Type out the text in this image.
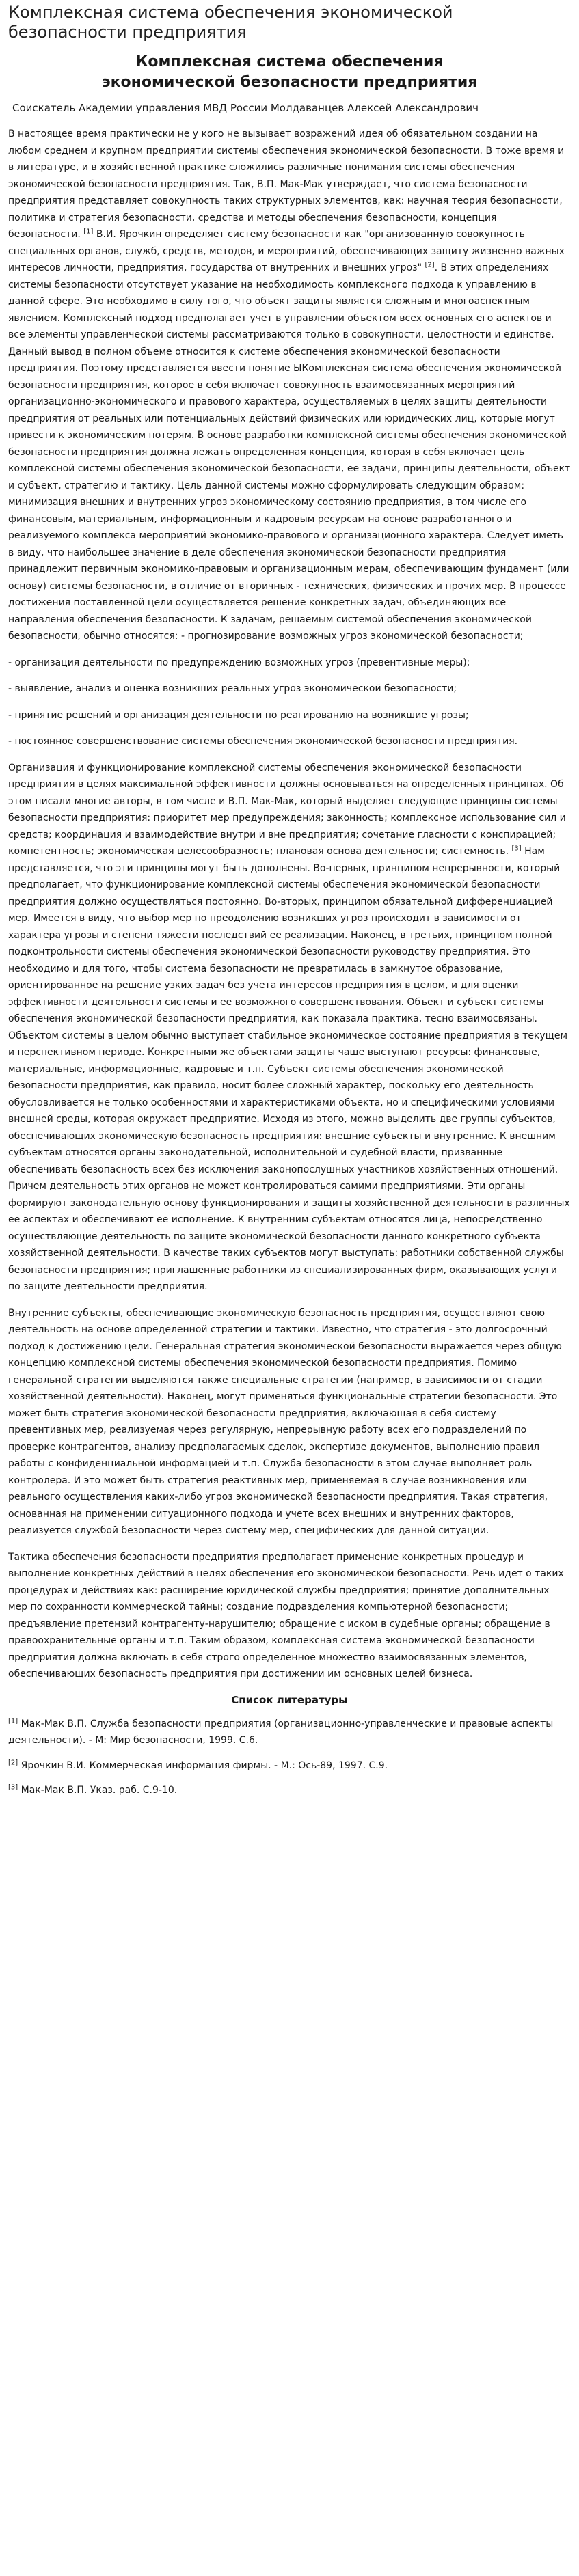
Комплексная система обеспечения экономической безопасности предприятия
Комплексная система обеспечения
экономической безопасности предприятия

Соискатель Академии управления МВД России Молдаванцев Алексей Александрович

В настоящее время практически не у кого не вызывает возражений идея об обязательном создании на любом среднем и крупном предприятии системы обеспечения экономической безопасности. В тоже время и в литературе, и в хозяйственной практике сложились различные понимания системы обеспечения экономической безопасности предприятия. Так, В.П. Мак-Мак утверждает, что система безопасности предприятия представляет совокупность таких структурных элементов, как: научная теория безопасности, политика и стратегия безопасности, средства и методы обеспечения безопасности, концепция безопасности. [1] В.И. Ярочкин определяет систему безопасности как "организованную совокупность специальных органов, служб, средств, методов, и мероприятий, обеспечивающих защиту жизненно важных интересов личности, предприятия, государства от внутренних и внешних угроз" [2]. В этих определениях системы безопасности отсутствует указание на необходимость комплексного подхода к управлению в данной сфере. Это необходимо в силу того, что объект защиты является сложным и многоаспектным явлением. Комплексный подход предполагает учет в управлении объектом всех основных его аспектов и все элементы управленческой системы рассматриваются только в совокупности, целостности и единстве. Данный вывод в полном объеме относится к системе обеспечения экономической безопасности предприятия. Поэтому представляется ввести понятие ЫКомплексная система обеспечения экономической безопасности предприятия, которое в себя включает совокупность взаимосвязанных мероприятий организационно-экономического и правового характера, осуществляемых в целях защиты деятельности предприятия от реальных или потенциальных действий физических или юридических лиц, которые могут привести к экономическим потерям. В основе разработки комплексной системы обеспечения экономической безопасности предприятия должна лежать определенная концепция, которая в себя включает цель комплексной системы обеспечения экономической безопасности, ее задачи, принципы деятельности, объект и субъект, стратегию и тактику. Цель данной системы можно сформулировать следующим образом: минимизация внешних и внутренних угроз экономическому состоянию предприятия, в том числе его финансовым, материальным, информационным и кадровым ресурсам на основе разработанного и реализуемого комплекса мероприятий экономико-правового и организационного характера. Следует иметь в виду, что наибольшее значение в деле обеспечения экономической безопасности предприятия принадлежит первичным экономико-правовым и организационным мерам, обеспечивающим фундамент (или основу) системы безопасности, в отличие от вторичных - технических, физических и прочих мер. В процессе достижения поставленной цели осуществляется решение конкретных задач, объединяющих все направления обеспечения безопасности. К задачам, решаемым системой обеспечения экономической безопасности, обычно относятся: - прогнозирование возможных угроз экономической безопасности;

- организация деятельности по предупреждению возможных угроз (превентивные меры);

- выявление, анализ и оценка возникших реальных угроз экономической безопасности;

- принятие решений и организация деятельности по реагированию на возникшие угрозы;

- постоянное совершенствование системы обеспечения экономической безопасности предприятия.

Организация и функционирование комплексной системы обеспечения экономической безопасности предприятия в целях максимальной эффективности должны основываться на определенных принципах. Об этом писали многие авторы, в том числе и В.П. Мак-Мак, который выделяет следующие принципы системы безопасности предприятия: приоритет мер предупреждения; законность; комплексное использование сил и средств; координация и взаимодействие внутри и вне предприятия; сочетание гласности с конспирацией; компетентность; экономическая целесообразность; плановая основа деятельности; системность. [3] Нам представляется, что эти принципы могут быть дополнены. Во-первых, принципом непрерывности, который предполагает, что функционирование комплексной системы обеспечения экономической безопасности предприятия должно осуществляться постоянно. Во-вторых, принципом обязательной дифференциацией мер. Имеется в виду, что выбор мер по преодолению возникших угроз происходит в зависимости от характера угрозы и степени тяжести последствий ее реализации. Наконец, в третьих, принципом полной подконтрольности системы обеспечения экономической безопасности руководству предприятия. Это необходимо и для того, чтобы система безопасности не превратилась в замкнутое образование, ориентированное на решение узких задач без учета интересов предприятия в целом, и для оценки эффективности деятельности системы и ее возможного совершенствования. Объект и субъект системы обеспечения экономической безопасности предприятия, как показала практика, тесно взаимосвязаны. Объектом системы в целом обычно выступает стабильное экономическое состояние предприятия в текущем и перспективном периоде. Конкретными же объектами защиты чаще выступают ресурсы: финансовые, материальные, информационные, кадровые и т.п. Субъект системы обеспечения экономической безопасности предприятия, как правило, носит более сложный характер, поскольку его деятельность обусловливается не только особенностями и характеристиками объекта, но и специфическими условиями внешней среды, которая окружает предприятие. Исходя из этого, можно выделить две группы субъектов, обеспечивающих экономическую безопасность предприятия: внешние субъекты и внутренние. К внешним субъектам относятся органы законодательной, исполнительной и судебной власти, призванные обеспечивать безопасность всех без исключения законопослушных участников хозяйственных отношений. Причем деятельность этих органов не может контролироваться самими предприятиями. Эти органы формируют законодательную основу функционирования и защиты хозяйственной деятельности в различных ее аспектах и обеспечивают ее исполнение. К внутренним субъектам относятся лица, непосредственно осуществляющие деятельность по защите экономической безопасности данного конкретного субъекта хозяйственной деятельности. В качестве таких субъектов могут выступать: работники собственной службы безопасности предприятия; приглашенные работники из специализированных фирм, оказывающих услуги по защите деятельности предприятия.

Внутренние субъекты, обеспечивающие экономическую безопасность предприятия, осуществляют свою деятельность на основе определенной стратегии и тактики. Известно, что стратегия - это долгосрочный подход к достижению цели. Генеральная стратегия экономической безопасности выражается через общую концепцию комплексной системы обеспечения экономической безопасности предприятия. Помимо генеральной стратегии выделяются также специальные стратегии (например, в зависимости от стадии хозяйственной деятельности). Наконец, могут применяться функциональные стратегии безопасности. Это может быть стратегия экономической безопасности предприятия, включающая в себя систему превентивных мер, реализуемая через регулярную, непрерывную работу всех его подразделений по проверке контрагентов, анализу предполагаемых сделок, экспертизе документов, выполнению правил работы с конфиденциальной информацией и т.п. Служба безопасности в этом случае выполняет роль контролера. И это может быть стратегия реактивных мер, применяемая в случае возникновения или реального осуществления каких-либо угроз экономической безопасности предприятия. Такая стратегия, основанная на применении ситуационного подхода и учете всех внешних и внутренних факторов, реализуется службой безопасности через систему мер, специфических для данной ситуации.

Тактика обеспечения безопасности предприятия предполагает применение конкретных процедур и выполнение конкретных действий в целях обеспечения его экономической безопасности. Речь идет о таких процедурах и действиях как: расширение юридической службы предприятия; принятие дополнительных мер по сохранности коммерческой тайны; создание подразделения компьютерной безопасности; предъявление претензий контрагенту-нарушителю; обращение с иском в судебные органы; обращение в правоохранительные органы и т.п. Таким образом, комплексная система экономической безопасности предприятия должна включать в себя строго определенное множество взаимосвязанных элементов, обеспечивающих безопасность предприятия при достижении им основных целей бизнеса.

Список литературы

[1] Мак-Мак В.П. Служба безопасности предприятия (организационно-управленческие и правовые аспекты деятельности). - М: Мир безопасности, 1999. С.6.

[2] Ярочкин В.И. Коммерческая информация фирмы. - М.: Ось-89, 1997. С.9.

[3] Мак-Мак В.П. Указ. раб. С.9-10.
